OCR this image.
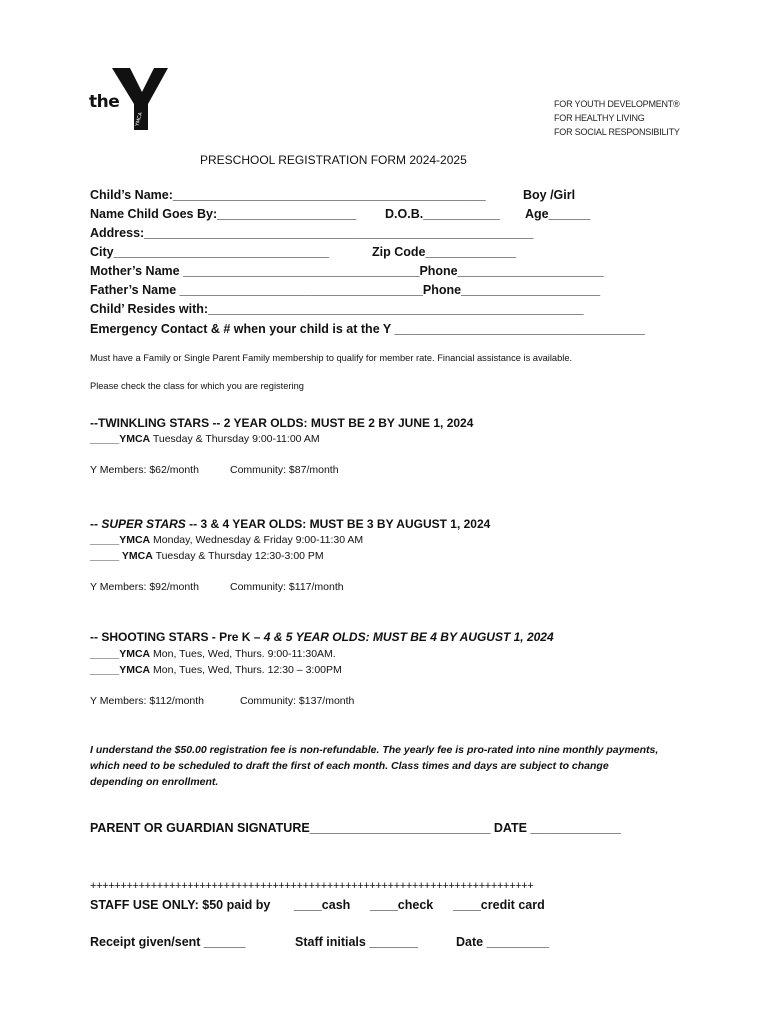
the
YMCA
FOR YOUTH DEVELOPMENT®
FOR HEALTHY LIVING
FOR SOCIAL RESPONSIBILITY
PRESCHOOL REGISTRATION FORM 2024-2025
Child’s Name:_____________________________________________	Boy /Girl
Name Child Goes By:____________________ D.O.B.___________ Age______
Address:________________________________________________________
City_______________________________	Zip Code_____________
Mother’s Name __________________________________Phone_____________________
Father’s Name ___________________________________Phone____________________
Child’ Resides with:______________________________________________________
Emergency Contact & # when your child is at the Y ____________________________________
Must have a Family or Single Parent Family membership to qualify for member rate. Financial assistance is available.
Please check the class for which you are registering
--TWINKLING STARS -- 2 YEAR OLDS: MUST BE 2 BY JUNE 1, 2024
_____YMCA Tuesday & Thursday 9:00-11:00 AM
Y Members: $62/month	Community: $87/month
-- SUPER STARS -- 3 & 4 YEAR OLDS: MUST BE 3 BY AUGUST 1, 2024
_____YMCA Monday, Wednesday & Friday 9:00-11:30 AM
_____ YMCA Tuesday & Thursday 12:30-3:00 PM
Y Members: $92/month	Community: $117/month
-- SHOOTING STARS - Pre K – 4 & 5 YEAR OLDS: MUST BE 4 BY AUGUST 1, 2024
_____YMCA Mon, Tues, Wed, Thurs. 9:00-11:30AM.
_____YMCA Mon, Tues, Wed, Thurs. 12:30 – 3:00PM
Y Members: $112/month	Community: $137/month
I understand the $50.00 registration fee is non-refundable. The yearly fee is pro-rated into nine monthly payments, which need to be scheduled to draft the first of each month. Class times and days are subject to change depending on enrollment.
PARENT OR GUARDIAN SIGNATURE__________________________ DATE _____________
+++++++++++++++++++++++++++++++++++++++++++++++++++++++++++++++++++++++++
STAFF USE ONLY: $50 paid by ____cash ____check ____credit card
Receipt given/sent ______	Staff initials _______	Date _________
